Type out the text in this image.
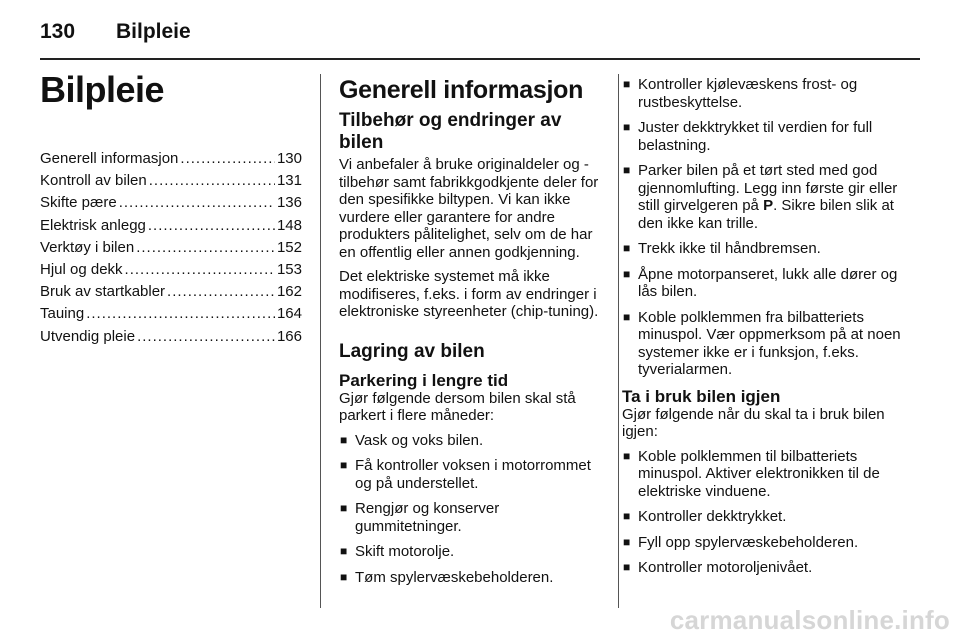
130 Bilpleie
Bilpleie
Generell informasjon .....	130
Kontroll av bilen .....	131
Skifte pære .....	136
Elektrisk anlegg .....	148
Verktøy i bilen .....	152
Hjul og dekk .....	153
Bruk av startkabler .....	162
Tauing .....	164
Utvendig pleie .....	166
Generell informasjon
Tilbehør og endringer av bilen

Vi anbefaler å bruke originaldeler og -tilbehør samt fabrikkgodkjente deler for den spesifikke biltypen. Vi kan ikke vurdere eller garantere for andre produkters pålitelighet, selv om de har en offentlig eller annen godkjenning.

Det elektriske systemet må ikke modifiseres, f.eks. i form av endringer i elektroniske styreenheter (chip-tuning).

Lagring av bilen
Parkering i lengre tid

Gjør følgende dersom bilen skal stå parkert i flere måneder:

■ Vask og voks bilen.
■ Få kontroller voksen i motorrommet og på understellet.
■ Rengjør og konserver gummitetninger.
■ Skift motorolje.
■ Tøm spylervæskebeholderen.
■ Kontroller kjølevæskens frost- og rustbeskyttelse.
■ Juster dekktrykket til verdien for full belastning.
■ Parker bilen på et tørt sted med god gjennomlufting. Legg inn første gir eller still girvelgeren på P. Sikre bilen slik at den ikke kan trille.
■ Trekk ikke til håndbremsen.
■ Åpne motorpanseret, lukk alle dører og lås bilen.
■ Koble polklemmen fra bilbatteriets minuspol. Vær oppmerksom på at noen systemer ikke er i funksjon, f.eks. tyverialarmen.
Ta i bruk bilen igjen

Gjør følgende når du skal ta i bruk bilen igjen:

■ Koble polklemmen til bilbatteriets minuspol. Aktiver elektronikken til de elektriske vinduene.
■ Kontroller dekktrykket.
■ Fyll opp spylervæskebeholderen.
■ Kontroller motoroljenivået.
carmanualsonline.info
